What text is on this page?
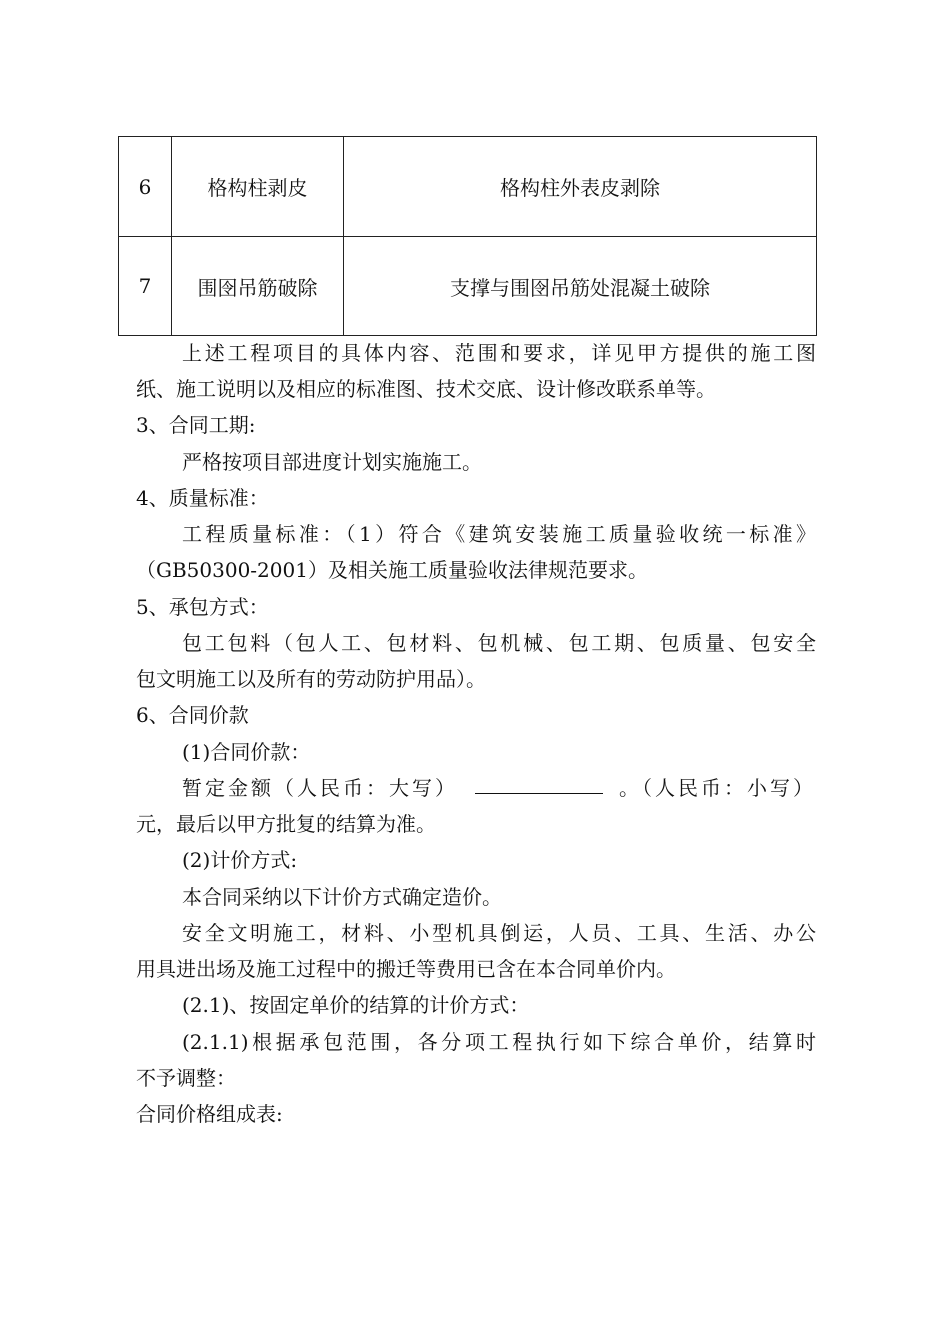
6	格构柱剥皮	格构柱外表皮剥除
7	围囹吊筋破除	支撑与围囹吊筋处混凝土破除
上述工程项目的具体内容、范围和要求，详见甲方提供的施工图
纸、施工说明以及相应的标准图、技术交底、设计修改联系单等。
3、合同工期:
严格按项目部进度计划实施施工。
4、质量标准：
工程质量标准：（1）符合《建筑安装施工质量验收统一标准》
（GB50300-2001）及相关施工质量验收法律规范要求。
5、承包方式：
包工包料（包人工、包材料、包机械、包工期、包质量、包安全
包文明施工以及所有的劳动防护用品）。
6、合同价款
(1)合同价款：
暂定金额（人民币：大写）	。（人民币：小写）
元，最后以甲方批复的结算为准。
(2)计价方式:
本合同采纳以下计价方式确定造价。
安全文明施工，材料、小型机具倒运，人员、工具、生活、办公
用具进出场及施工过程中的搬迁等费用已含在本合同单价内。
(2.1)、按固定单价的结算的计价方式：
(2.1.1)根据承包范围，各分项工程执行如下综合单价，结算时
不予调整：
合同价格组成表:
